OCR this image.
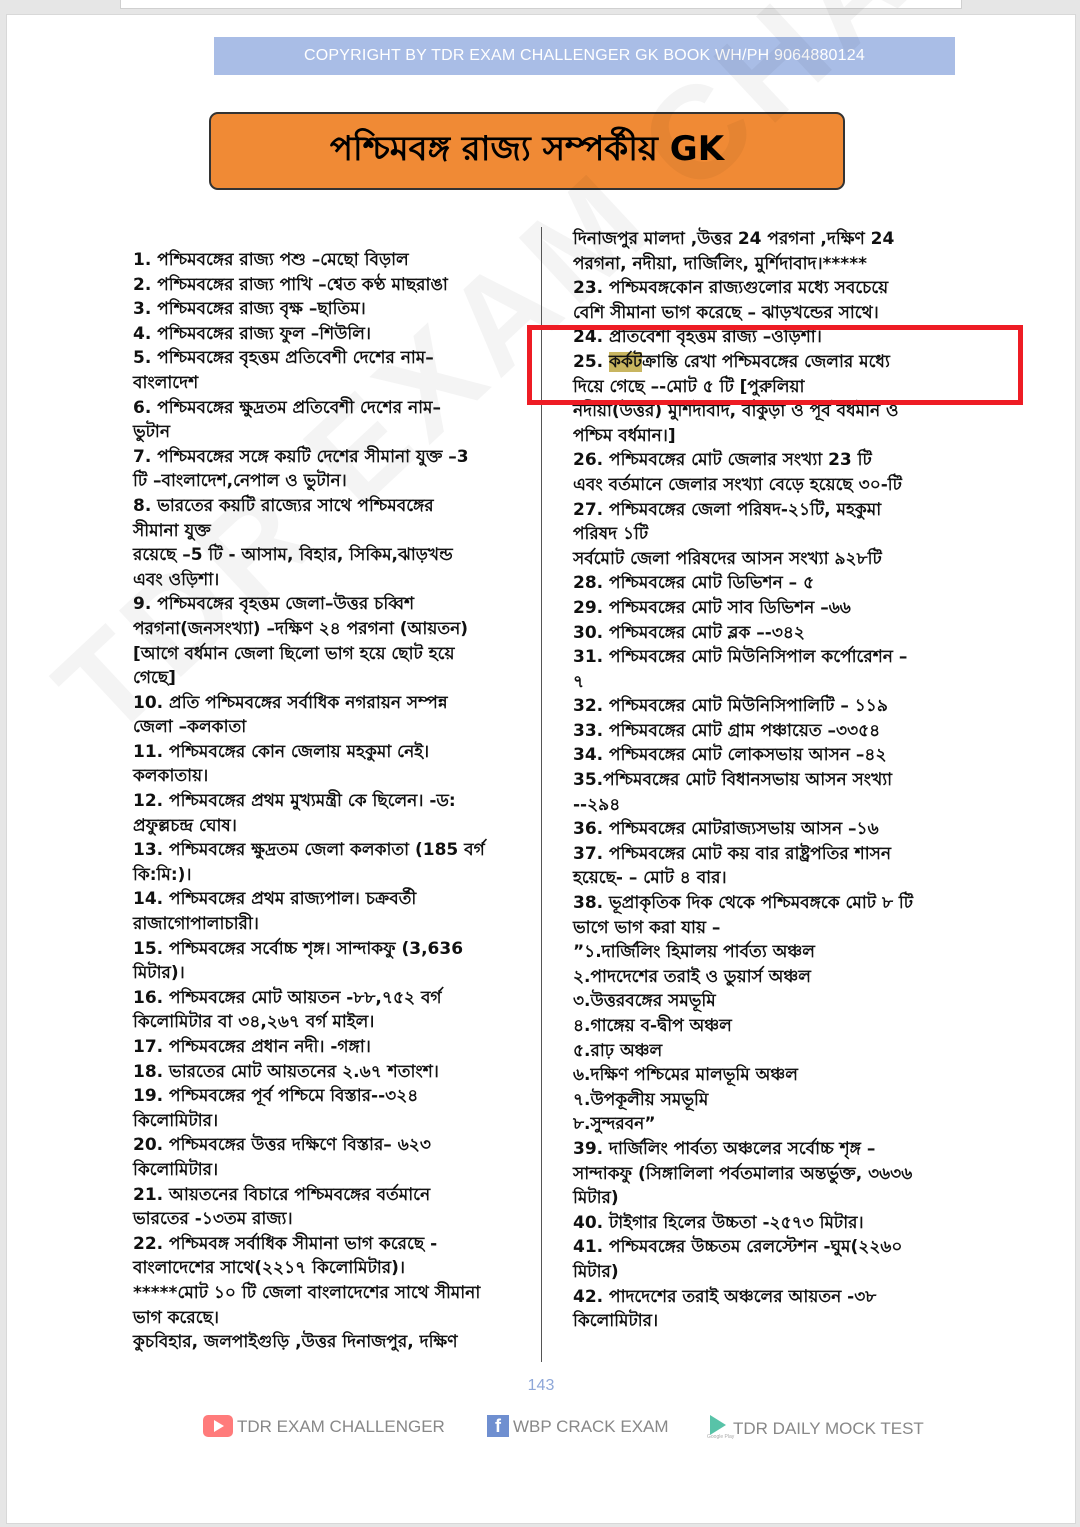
COPYRIGHT BY TDR EXAM CHALLENGER GK BOOK WH/PH 9064880124
পশ্চিমবঙ্গ রাজ্য সম্পর্কীয় GK
1. পশ্চিমবঙ্গের রাজ্য পশু –মেছো বিড়াল
2. পশ্চিমবঙ্গের রাজ্য পাখি –শ্বেত কণ্ঠ মাছরাঙা
3. পশ্চিমবঙ্গের রাজ্য বৃক্ষ –ছাতিম।
4. পশ্চিমবঙ্গের রাজ্য ফুল –শিউলি।
5. পশ্চিমবঙ্গের বৃহত্তম প্রতিবেশী দেশের নাম–
বাংলাদেশ
6. পশ্চিমবঙ্গের ক্ষুদ্রতম প্রতিবেশী দেশের নাম–
ভুটান
7. পশ্চিমবঙ্গের সঙ্গে কয়টি দেশের সীমানা যুক্ত –3
টি –বাংলাদেশ,নেপাল ও ভুটান।
8. ভারতের কয়টি রাজ্যের সাথে পশ্চিমবঙ্গের
সীমানা যুক্ত
রয়েছে –5 টি - আসাম, বিহার, সিকিম,ঝাড়খন্ড
এবং ওড়িশা।
9. পশ্চিমবঙ্গের বৃহত্তম জেলা–উত্তর চব্বিশ
পরগনা(জনসংখ্যা) –দক্ষিণ ২৪ পরগনা (আয়তন)
[আগে বর্ধমান জেলা ছিলো ভাগ হয়ে ছোট হয়ে
গেছে]
10. প্রতি পশ্চিমবঙ্গের সর্বাধিক নগরায়ন সম্পন্ন
জেলা –কলকাতা
11. পশ্চিমবঙ্গের কোন জেলায় মহকুমা নেই।
কলকাতায়।
12. পশ্চিমবঙ্গের প্রথম মুখ্যমন্ত্রী কে ছিলেন। -ড:
প্রফুল্লচন্দ্র ঘোষ।
13. পশ্চিমবঙ্গের ক্ষুদ্রতম জেলা কলকাতা (185 বর্গ
কি:মি:)।
14. পশ্চিমবঙ্গের প্রথম রাজ্যপাল। চক্রবর্তী
রাজাগোপালাচারী।
15. পশ্চিমবঙ্গের সর্বোচ্চ শৃঙ্গ। সান্দাকফু (3,636
মিটার)।
16. পশ্চিমবঙ্গের মোট আয়তন -৮৮,৭৫২ বর্গ
কিলোমিটার বা ৩৪,২৬৭ বর্গ মাইল।
17. পশ্চিমবঙ্গের প্রধান নদী। -গঙ্গা।
18. ভারতের মোট আয়তনের ২.৬৭ শতাংশ।
19. পশ্চিমবঙ্গের পূর্ব পশ্চিমে বিস্তার--৩২৪
কিলোমিটার।
20. পশ্চিমবঙ্গের উত্তর দক্ষিণে বিস্তার– ৬২৩
কিলোমিটার।
21. আয়তনের বিচারে পশ্চিমবঙ্গের বর্তমানে
ভারতের -১৩তম রাজ্য।
22. পশ্চিমবঙ্গ সর্বাধিক সীমানা ভাগ করেছে -
বাংলাদেশের সাথে(২২১৭ কিলোমিটার)।
*****মোট ১০ টি জেলা বাংলাদেশের সাথে সীমানা
ভাগ করেছে।
কুচবিহার, জলপাইগুড়ি ,উত্তর দিনাজপুর, দক্ষিণ
দিনাজপুর মালদা ,উত্তর 24 পরগনা ,দক্ষিণ 24
পরগনা, নদীয়া, দার্জিলিং, মুর্শিদাবাদ।*****
23. পশ্চিমবঙ্গকোন রাজ্যগুলোর মধ্যে সবচেয়ে
বেশি সীমানা ভাগ করেছে – ঝাড়খন্ডের সাথে।
24. প্রতিবেশী বৃহত্তম রাজ্য –ওড়িশা।
25. কর্কটক্রান্তি রেখা পশ্চিমবঙ্গের জেলার মধ্যে
দিয়ে গেছে –-মোট ৫ টি [পুরুলিয়া
নদীয়া(উত্তর) মুর্শিদাবাদ, বাঁকুড়া ও পূর্ব বর্ধমান ও
পশ্চিম বর্ধমান।]
26. পশ্চিমবঙ্গের মোট জেলার সংখ্যা 23 টি
এবং বর্তমানে জেলার সংখ্যা বেড়ে হয়েছে ৩০-টি
27. পশ্চিমবঙ্গের জেলা পরিষদ-২১টি, মহকুমা
পরিষদ ১টি
সর্বমোট জেলা পরিষদের আসন সংখ্যা ৯২৮টি
28. পশ্চিমবঙ্গের মোট ডিভিশন – ৫
29. পশ্চিমবঙ্গের মোট সাব ডিভিশন –৬৬
30. পশ্চিমবঙ্গের মোট ব্লক –-৩৪২
31. পশ্চিমবঙ্গের মোট মিউনিসিপাল কর্পোরেশন –
৭
32. পশ্চিমবঙ্গের মোট মিউনিসিপালিটি – ১১৯
33. পশ্চিমবঙ্গের মোট গ্রাম পঞ্চায়েত –৩৩৫৪
34. পশ্চিমবঙ্গের মোট লোকসভায় আসন –৪২
35.পশ্চিমবঙ্গের মোট বিধানসভায় আসন সংখ্যা
--২৯৪
36. পশ্চিমবঙ্গের মোটরাজ্যসভায় আসন –১৬
37. পশ্চিমবঙ্গের মোট কয় বার রাষ্ট্রপতির শাসন
হয়েছে- – মোট ৪ বার।
38. ভূপ্রাকৃতিক দিক থেকে পশ্চিমবঙ্গকে মোট ৮ টি
ভাগে ভাগ করা যায় –
”১.দার্জিলিং হিমালয় পার্বত্য অঞ্চল
২.পাদদেশের তরাই ও ডুয়ার্স অঞ্চল
৩.উত্তরবঙ্গের সমভূমি
৪.গাঙ্গেয় ব-দ্বীপ অঞ্চল
৫.রাঢ় অঞ্চল
৬.দক্ষিণ পশ্চিমের মালভূমি অঞ্চল
৭.উপকূলীয় সমভূমি
৮.সুন্দরবন”
39. দার্জিলিং পার্বত্য অঞ্চলের সর্বোচ্চ শৃঙ্গ –
সান্দাকফু (সিঙ্গালিলা পর্বতমালার অন্তর্ভুক্ত, ৩৬৩৬
মিটার)
40. টাইগার হিলের উচ্চতা -২৫৭৩ মিটার।
41. পশ্চিমবঙ্গের উচ্চতম রেলস্টেশন -ঘুম(২২৬০
মিটার)
42. পাদদেশের তরাই অঞ্চলের আয়তন -৩৮
কিলোমিটার।
143
TDR EXAM CHALLENGER	f WBP CRACK EXAM
Google Play
TDR DAILY MOCK TEST
